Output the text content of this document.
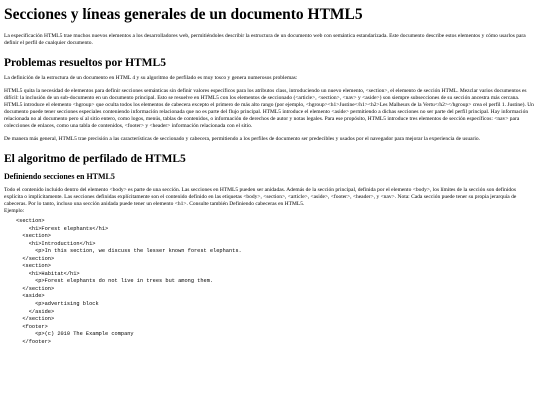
Secciones y líneas generales de un documento HTML5

La especificación HTML5 trae muchos nuevos elementos a los desarrolladores web, permitiéndoles describir la estructura de un documento web con semántica estandarizada. Este documento describe estos elementos y cómo usarlos para definir el perfil de cualquier documento.

Problemas resueltos por HTML5

La definición de la estructura de un documento en HTML 4 y su algoritmo de perfilado es muy tosco y genera numerosos problemas:

HTML5 quita la necesidad de elementos para definir secciones semánticas sin definir valores específicos para los atributos class, introduciendo un nuevo elemento, <section>, el elemento de sección HTML. Mezclar varios documentos es difícil: la inclusión de un sub-documento en un documento principal. Esto se resuelve en HTML5 con los elementos de seccionado (<article>, <section>, <nav> y <aside>) son siempre subsecciones de su sección ancestra más cercana. HTML5 introduce el elemento <hgroup> que oculta todos los elementos de cabecera excepto el primero de más alto rango (por ejemplo, <hgroup><h1>Justine</h1><h2>Les Malheurs de la Vertu</h2></hgroup> crea el perfil 1. Justine). Un documento puede tener secciones especiales conteniendo información relacionada que no es parte del flujo principal. HTML5 introduce el elemento <aside> permitiendo a dichas secciones no ser parte del perfil principal. Hay información relacionada no al documento pero sí al sitio entero, como logos, menús, tablas de contenidos, o información de derechos de autor y notas legales. Para ese propósito, HTML5 introduce tres elementos de sección específicos: <nav> para colecciones de enlaces, como una tabla de contenidos, <footer> y <header> información relacionada con el sitio.

De manera más general, HTML5 trae precisión a las características de seccionado y cabecera, permitiendo a los perfiles de documento ser predecibles y usados por el navegador para mejorar la experiencia de usuario.

El algoritmo de perfilado de HTML5
Definiendo secciones en HTML5

Todo el contenido incluido dentro del elemento <body> es parte de una sección. Las secciones en HTML5 pueden ser anidadas. Además de la sección principal, definida por el elemento <body>, los límites de la sección son definidos explícita o implícitamente. Las secciones definidas explícitamente son el contenido definido en las etiquetas <body>, <section>, <article>, <aside>, <footer>, <header>, y <nav>. Nota: Cada sección puede tener su propia jerarquía de cabeceras. Por lo tanto, incluso una sección anidada puede tener un elemento <h1>. Consulte también Definiendo cabeceras en HTML5.

Ejemplo:

<section>
<h1>Forest elephants</h1>
<section>
<h1>Introduction</h1>
<p>In this section, we discuss the lesser known forest elephants.
</section>
<section>
<h1>Habitat</h1>
<p>Forest elephants do not live in trees but among them.
</section>
<aside>
<p>advertising block
</aside>
</section>
<footer>
<p>(c) 2010 The Example company
</footer>
